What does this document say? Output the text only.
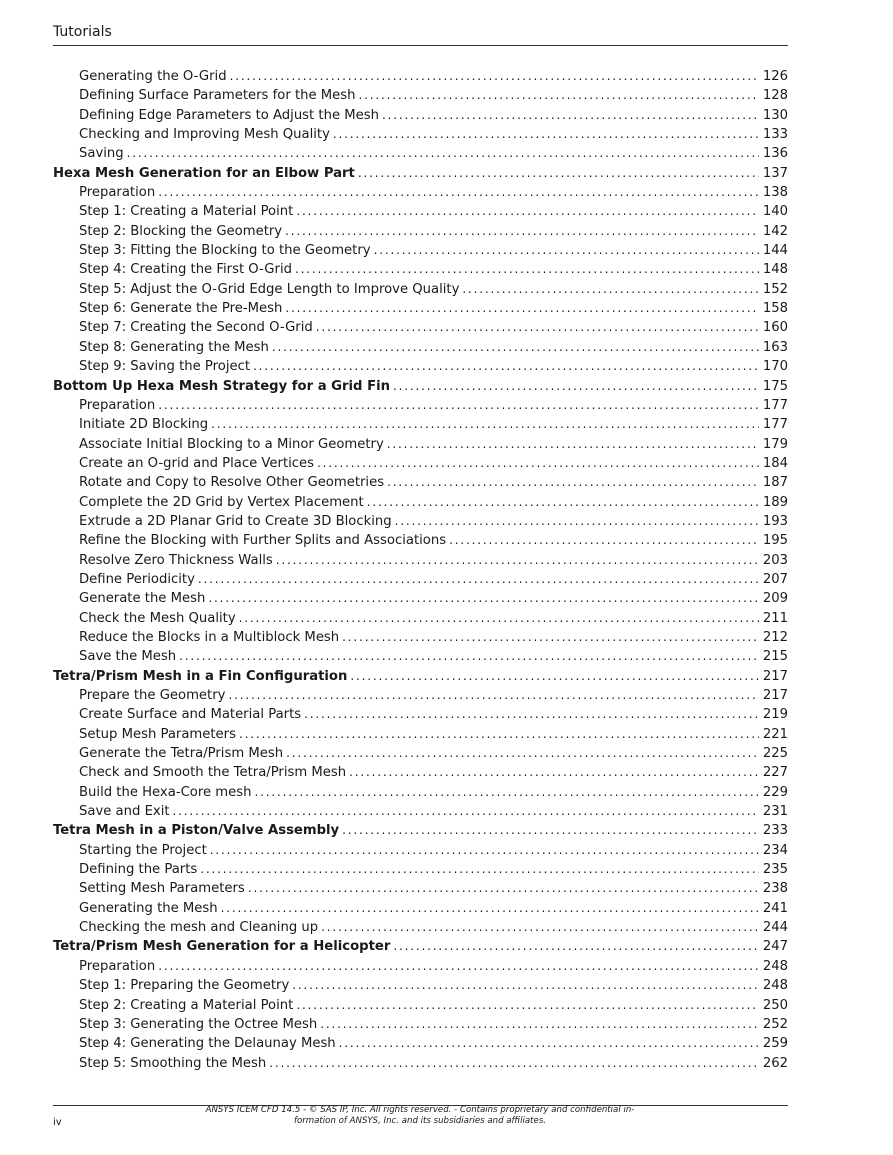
Tutorials
Generating the O-Grid . . .	126
Defining Surface Parameters for the Mesh . . .	128
Defining Edge Parameters to Adjust the Mesh . . .	130
Checking and Improving Mesh Quality . . .	133
Saving . . .	136
Hexa Mesh Generation for an Elbow Part . . .	137
Preparation . . .	138
Step 1: Creating a Material Point . . .	140
Step 2: Blocking the Geometry . . .	142
Step 3: Fitting the Blocking to the Geometry . . .	144
Step 4: Creating the First O-Grid . . .	148
Step 5: Adjust the O-Grid Edge Length to Improve Quality . . .	152
Step 6: Generate the Pre-Mesh . . .	158
Step 7: Creating the Second O-Grid . . .	160
Step 8: Generating the Mesh . . .	163
Step 9: Saving the Project . . .	170
Bottom Up Hexa Mesh Strategy for a Grid Fin . . .	175
Preparation . . .	177
Initiate 2D Blocking . . .	177
Associate Initial Blocking to a Minor Geometry . . .	179
Create an O-grid and Place Vertices . . .	184
Rotate and Copy to Resolve Other Geometries . . .	187
Complete the 2D Grid by Vertex Placement . . .	189
Extrude a 2D Planar Grid to Create 3D Blocking . . .	193
Refine the Blocking with Further Splits and Associations . . .	195
Resolve Zero Thickness Walls . . .	203
Define Periodicity . . .	207
Generate the Mesh . . .	209
Check the Mesh Quality . . .	211
Reduce the Blocks in a Multiblock Mesh . . .	212
Save the Mesh . . .	215
Tetra/Prism Mesh in a Fin Configuration . . .	217
Prepare the Geometry . . .	217
Create Surface and Material Parts . . .	219
Setup Mesh Parameters . . .	221
Generate the Tetra/Prism Mesh . . .	225
Check and Smooth the Tetra/Prism Mesh . . .	227
Build the Hexa-Core mesh . . .	229
Save and Exit . . .	231
Tetra Mesh in a Piston/Valve Assembly . . .	233
Starting the Project . . .	234
Defining the Parts . . .	235
Setting Mesh Parameters . . .	238
Generating the Mesh . . .	241
Checking the mesh and Cleaning up . . .	244
Tetra/Prism Mesh Generation for a Helicopter . . .	247
Preparation . . .	248
Step 1: Preparing the Geometry . . .	248
Step 2: Creating a Material Point . . .	250
Step 3: Generating the Octree Mesh . . .	252
Step 4: Generating the Delaunay Mesh . . .	259
Step 5: Smoothing the Mesh . . .	262
iv
ANSYS ICEM CFD 14.5 - © SAS IP, Inc. All rights reserved. - Contains proprietary and confidential in-
formation of ANSYS, Inc. and its subsidiaries and affiliates.
